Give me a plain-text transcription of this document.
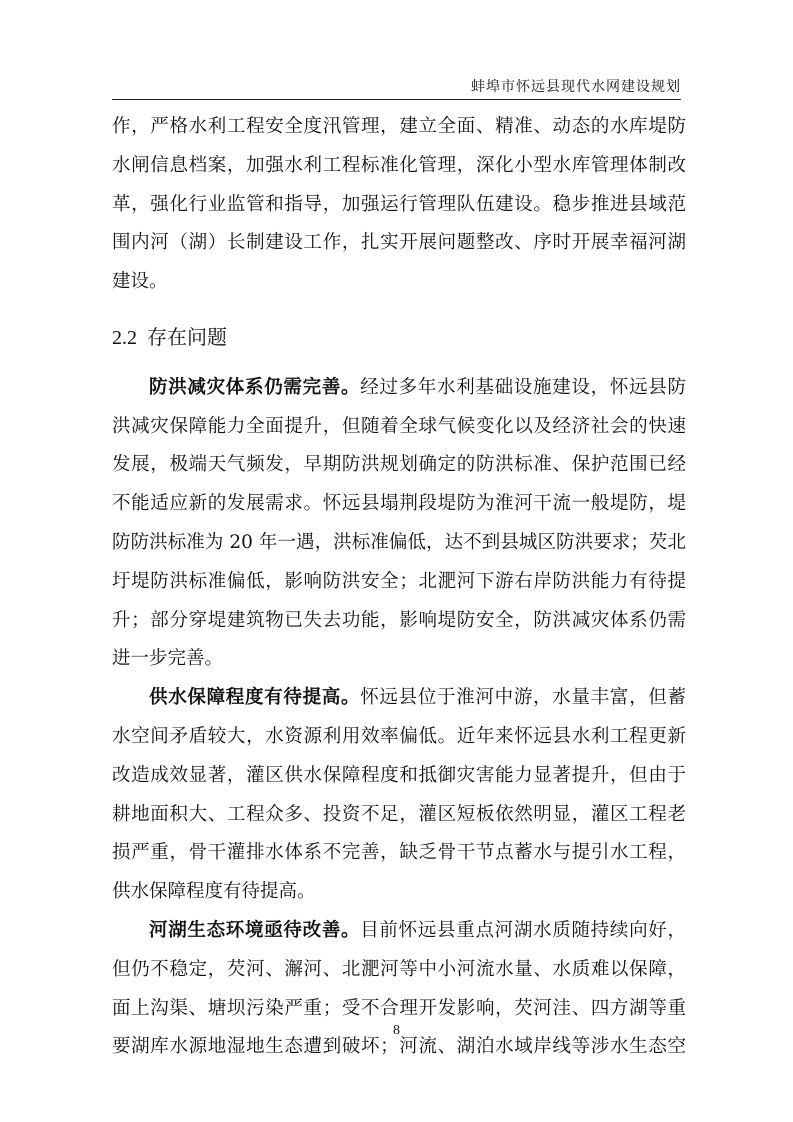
蚌埠市怀远县现代水网建设规划
作，严格水利工程安全度汛管理，建立全面、精准、动态的水库堤防
水闸信息档案，加强水利工程标准化管理，深化小型水库管理体制改
革，强化行业监管和指导，加强运行管理队伍建设。稳步推进县域范
围内河（湖）长制建设工作，扎实开展问题整改、序时开展幸福河湖
建设。
2.2 存在问题
防洪减灾体系仍需完善。经过多年水利基础设施建设，怀远县防
洪减灾保障能力全面提升，但随着全球气候变化以及经济社会的快速
发展，极端天气频发，早期防洪规划确定的防洪标准、保护范围已经
不能适应新的发展需求。怀远县塌荆段堤防为淮河干流一般堤防，堤
防防洪标准为 20 年一遇，洪标准偏低，达不到县城区防洪要求；芡北
圩堤防洪标准偏低，影响防洪安全；北淝河下游右岸防洪能力有待提
升；部分穿堤建筑物已失去功能，影响堤防安全，防洪减灾体系仍需
进一步完善。
供水保障程度有待提高。怀远县位于淮河中游，水量丰富，但蓄
水空间矛盾较大，水资源利用效率偏低。近年来怀远县水利工程更新
改造成效显著，灌区供水保障程度和抵御灾害能力显著提升，但由于
耕地面积大、工程众多、投资不足，灌区短板依然明显，灌区工程老
损严重，骨干灌排水体系不完善，缺乏骨干节点蓄水与提引水工程，
供水保障程度有待提高。
河湖生态环境亟待改善。目前怀远县重点河湖水质随持续向好，
但仍不稳定，芡河、澥河、北淝河等中小河流水量、水质难以保障，
面上沟渠、塘坝污染严重；受不合理开发影响，芡河洼、四方湖等重
要湖库水源地湿地生态遭到破坏；河流、湖泊水域岸线等涉水生态空
8
